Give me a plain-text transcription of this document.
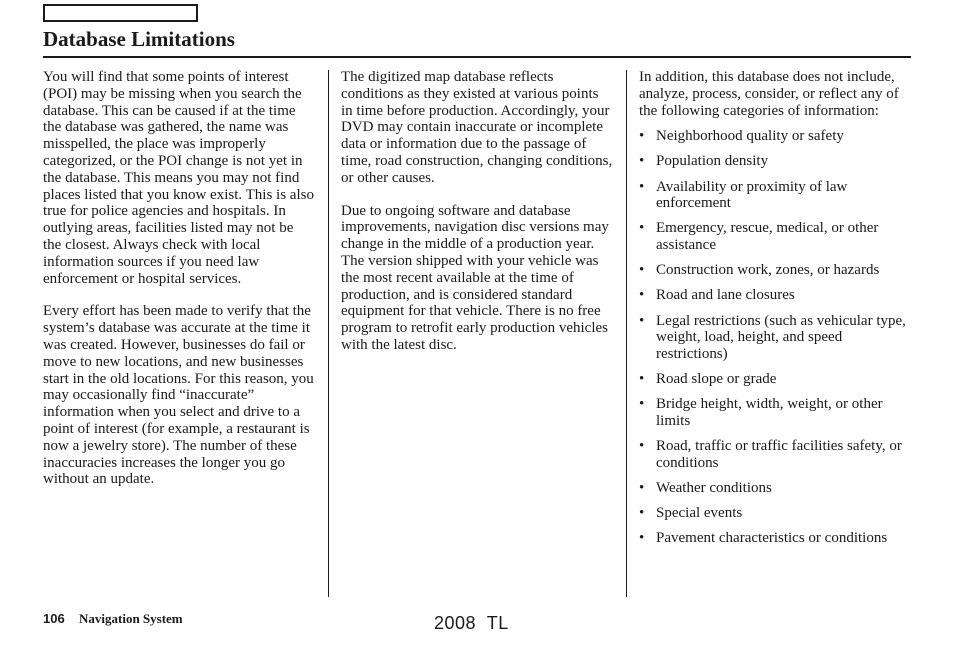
Database Limitations

You will find that some points of interest (POI) may be missing when you search the database. This can be caused if at the time the database was gathered, the name was misspelled, the place was improperly categorized, or the POI change is not yet in the database. This means you may not find places listed that you know exist. This is also true for police agencies and hospitals. In outlying areas, facilities listed may not be the closest. Always check with local information sources if you need law enforcement or hospital services.

Every effort has been made to verify that the system’s database was accurate at the time it was created. However, businesses do fail or move to new locations, and new businesses start in the old locations. For this reason, you may occasionally find “inaccurate” information when you select and drive to a point of interest (for example, a restaurant is now a jewelry store). The number of these inaccuracies increases the longer you go without an update.

The digitized map database reflects conditions as they existed at various points in time before production. Accordingly, your DVD may contain inaccurate or incomplete data or information due to the passage of time, road construction, changing conditions, or other causes.

Due to ongoing software and database improvements, navigation disc versions may change in the middle of a production year. The version shipped with your vehicle was the most recent available at the time of production, and is considered standard equipment for that vehicle. There is no free program to retrofit early production vehicles with the latest disc.

In addition, this database does not include, analyze, process, consider, or reflect any of the following categories of information:

• Neighborhood quality or safety
• Population density
• Availability or proximity of law enforcement
• Emergency, rescue, medical, or other assistance
• Construction work, zones, or hazards
• Road and lane closures
• Legal restrictions (such as vehicular type, weight, load, height, and speed restrictions)
• Road slope or grade
• Bridge height, width, weight, or other limits
• Road, traffic or traffic facilities safety, or conditions
• Weather conditions
• Special events
• Pavement characteristics or conditions
106 Navigation System	2008  TL
